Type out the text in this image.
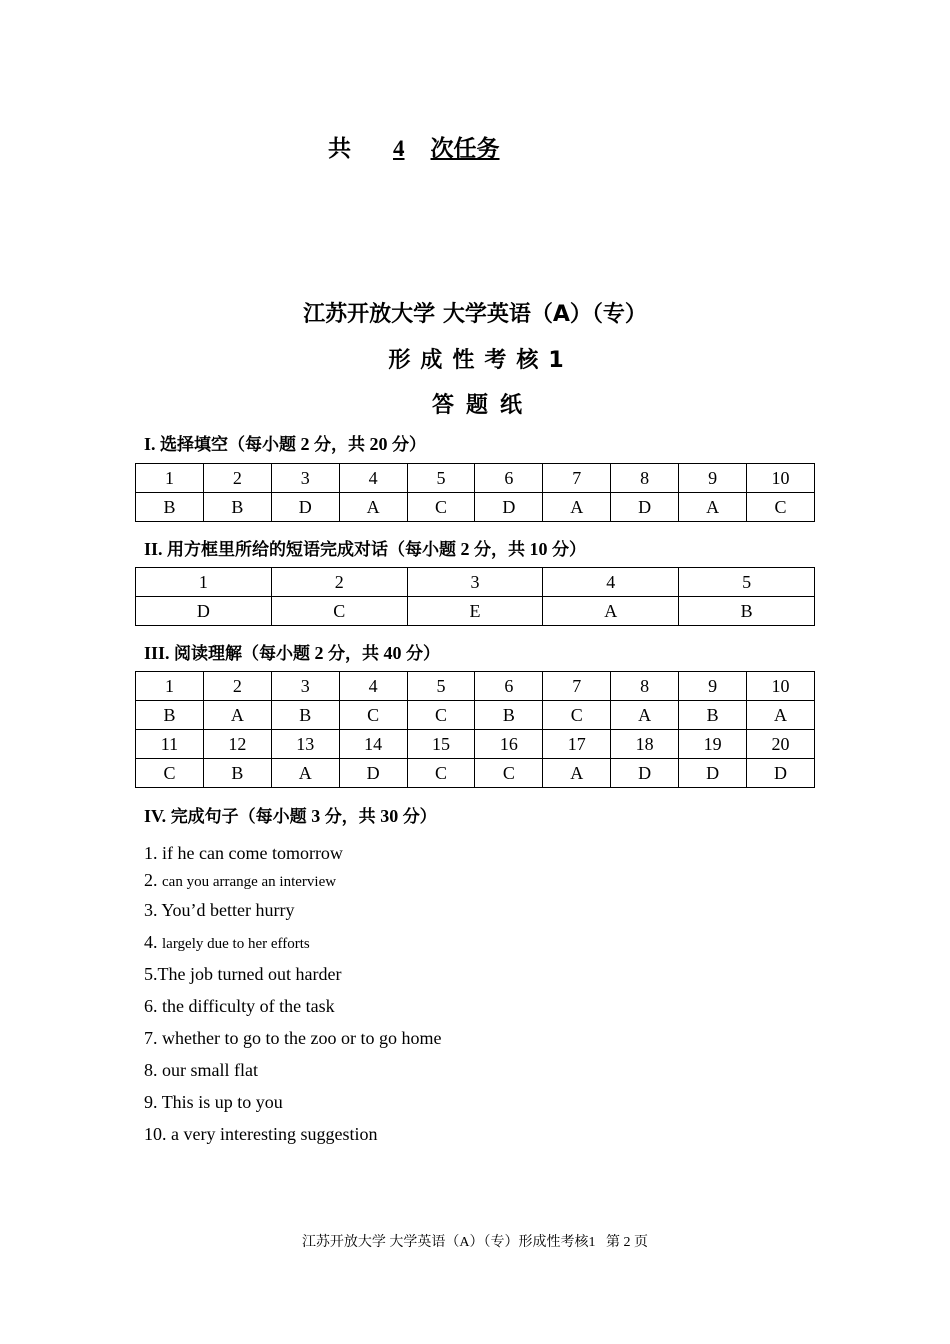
共 4 次任务
江苏开放大学 大学英语（A）（专）
形成性考核1
答题纸
I. 选择填空（每小题 2 分，共 20 分）
1	2	3	4	5	6	7	8	9	10
B	B	D	A	C	D	A	D	A	C
II. 用方框里所给的短语完成对话（每小题 2 分，共 10 分）
1	2	3	4	5
D	C	E	A	B
III. 阅读理解（每小题 2 分，共 40 分）
1	2	3	4	5	6	7	8	9	10
B	A	B	C	C	B	C	A	B	A
11	12	13	14	15	16	17	18	19	20
C	B	A	D	C	C	A	D	D	D
IV. 完成句子（每小题 3 分，共 30 分）
1. if he can come tomorrow
2. can you arrange an interview
3. You’d better hurry
4. largely due to her efforts
5.The job turned out harder
6. the difficulty of the task
7. whether to go to the zoo or to go home
8. our small flat
9. This is up to you
10. a very interesting suggestion
江苏开放大学 大学英语（A）（专）形成性考核1 第 2 页
